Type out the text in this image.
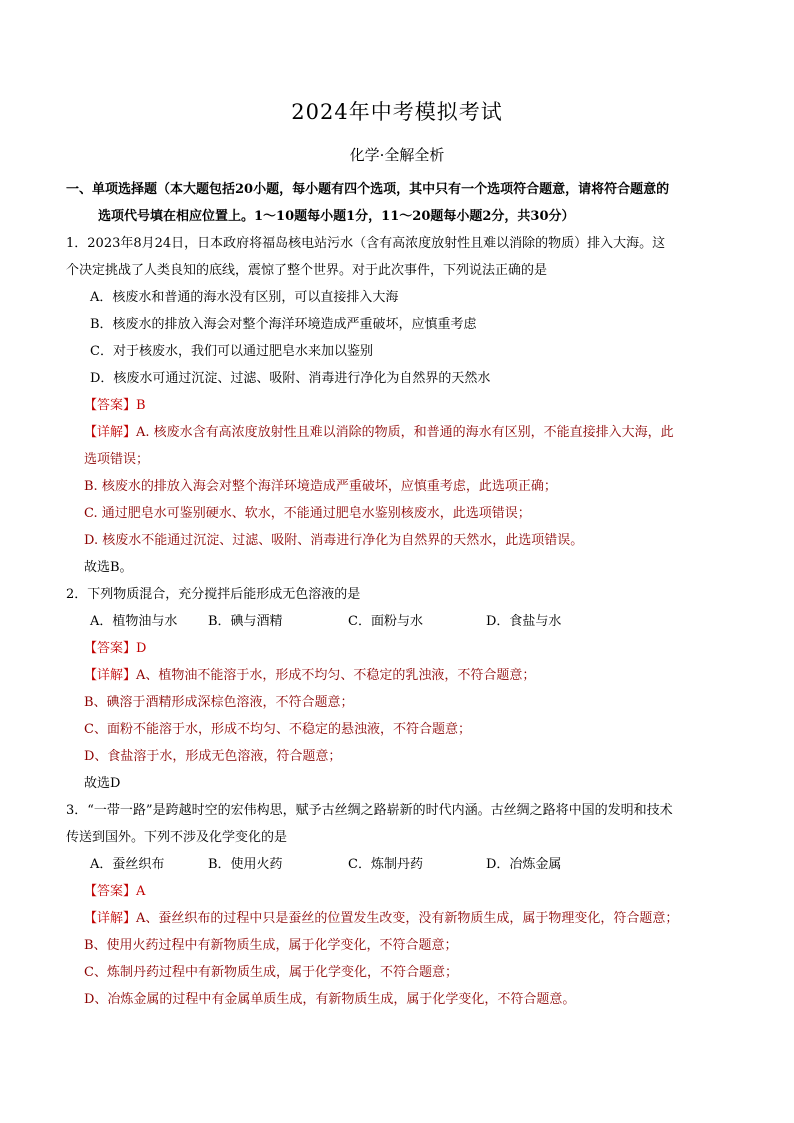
2024年中考模拟考试
化学·全解全析
一、单项选择题（本大题包括20小题，每小题有四个选项，其中只有一个选项符合题意，请将符合题意的
选项代号填在相应位置上。1～10题每小题1分，11～20题每小题2分，共30分）
1．2023年8月24日，日本政府将福岛核电站污水（含有高浓度放射性且难以消除的物质）排入大海。这
个决定挑战了人类良知的底线，震惊了整个世界。对于此次事件，下列说法正确的是
A．核废水和普通的海水没有区别，可以直接排入大海
B．核废水的排放入海会对整个海洋环境造成严重破坏，应慎重考虑
C．对于核废水，我们可以通过肥皂水来加以鉴别
D．核废水可通过沉淀、过滤、吸附、消毒进行净化为自然界的天然水
【答案】B
【详解】A. 核废水含有高浓度放射性且难以消除的物质，和普通的海水有区别，不能直接排入大海，此
选项错误；
B. 核废水的排放入海会对整个海洋环境造成严重破坏，应慎重考虑，此选项正确；
C. 通过肥皂水可鉴别硬水、软水，不能通过肥皂水鉴别核废水，此选项错误；
D. 核废水不能通过沉淀、过滤、吸附、消毒进行净化为自然界的天然水，此选项错误。
故选B。
2．下列物质混合，充分搅拌后能形成无色溶液的是
A．植物油与水	B．碘与酒精	C．面粉与水	D．食盐与水
【答案】D
【详解】A、植物油不能溶于水，形成不均匀、不稳定的乳浊液，不符合题意；
B、碘溶于酒精形成深棕色溶液，不符合题意；
C、面粉不能溶于水，形成不均匀、不稳定的悬浊液，不符合题意；
D、食盐溶于水，形成无色溶液，符合题意；
故选D
3．“一带一路”是跨越时空的宏伟构思，赋予古丝绸之路崭新的时代内涵。古丝绸之路将中国的发明和技术
传送到国外。下列不涉及化学变化的是
A．蚕丝织布	B．使用火药	C．炼制丹药	D．冶炼金属
【答案】A
【详解】A、蚕丝织布的过程中只是蚕丝的位置发生改变，没有新物质生成，属于物理变化，符合题意；
B、使用火药过程中有新物质生成，属于化学变化，不符合题意；
C、炼制丹药过程中有新物质生成，属于化学变化，不符合题意；
D、冶炼金属的过程中有金属单质生成，有新物质生成，属于化学变化，不符合题意。
